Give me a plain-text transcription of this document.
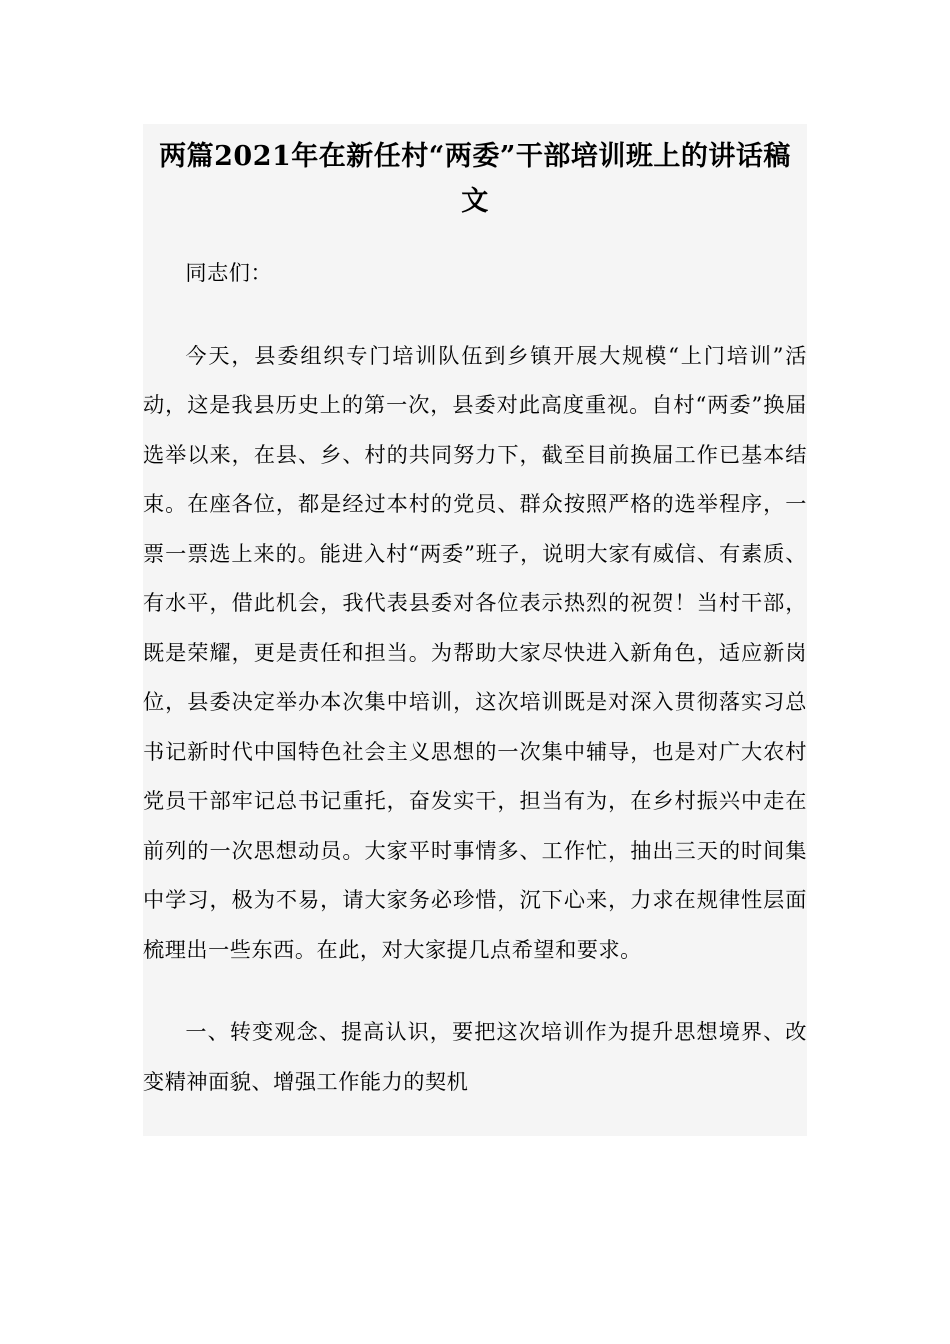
两篇2021年在新任村“两委”干部培训班上的讲话稿文

同志们：

今天，县委组织专门培训队伍到乡镇开展大规模“上门培训”活动，这是我县历史上的第一次，县委对此高度重视。自村“两委”换届选举以来，在县、乡、村的共同努力下，截至目前换届工作已基本结束。在座各位，都是经过本村的党员、群众按照严格的选举程序，一票一票选上来的。能进入村“两委”班子，说明大家有威信、有素质、有水平，借此机会，我代表县委对各位表示热烈的祝贺！当村干部，既是荣耀，更是责任和担当。为帮助大家尽快进入新角色，适应新岗位，县委决定举办本次集中培训，这次培训既是对深入贯彻落实习总书记新时代中国特色社会主义思想的一次集中辅导，也是对广大农村党员干部牢记总书记重托，奋发实干，担当有为，在乡村振兴中走在前列的一次思想动员。大家平时事情多、工作忙，抽出三天的时间集中学习，极为不易，请大家务必珍惜，沉下心来，力求在规律性层面梳理出一些东西。在此，对大家提几点希望和要求。

一、转变观念、提高认识，要把这次培训作为提升思想境界、改变精神面貌、增强工作能力的契机
